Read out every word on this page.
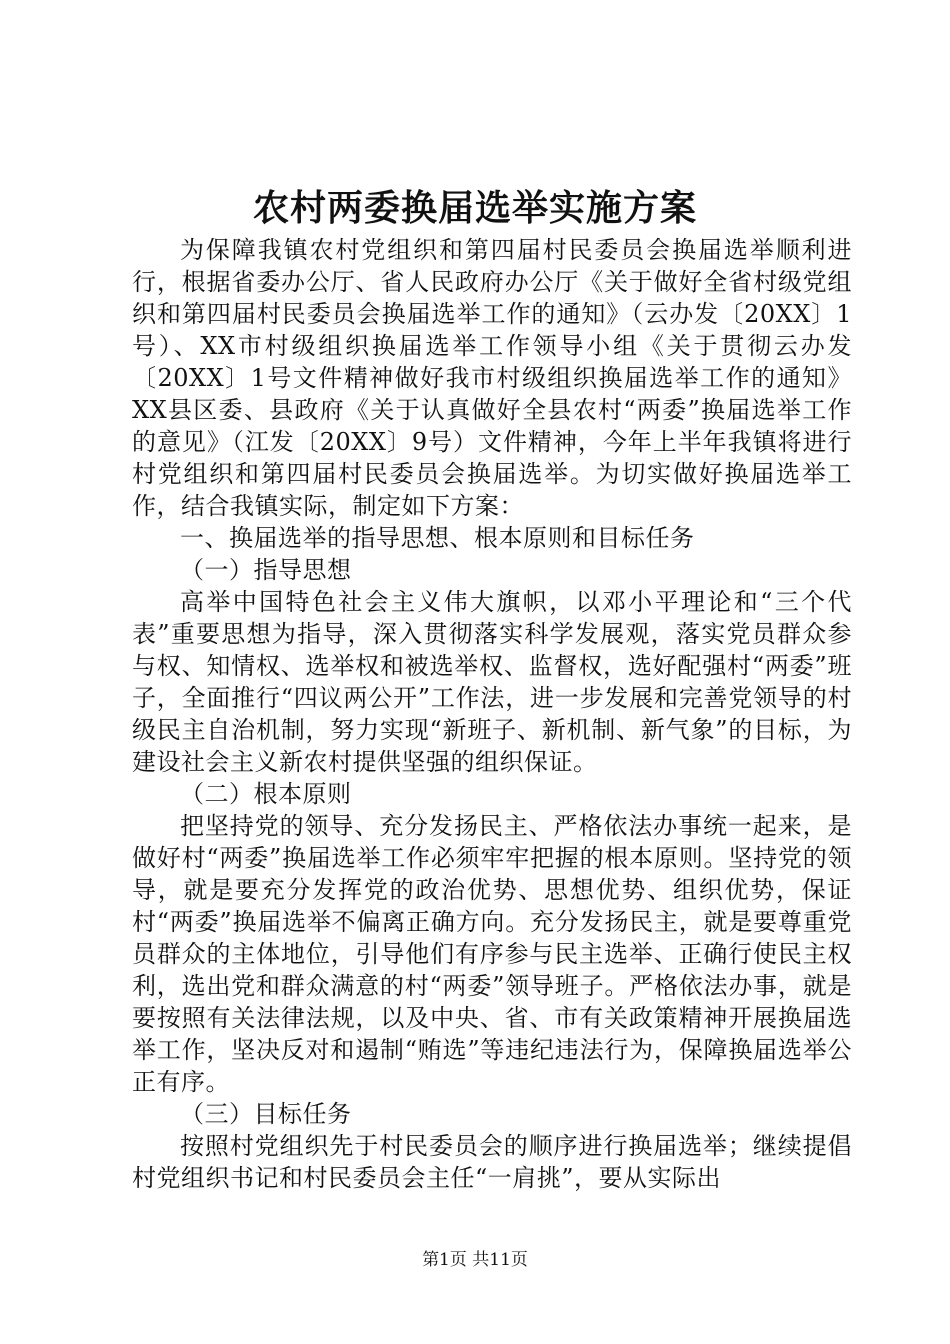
农村两委换届选举实施方案

为保障我镇农村党组织和第四届村民委员会换届选举顺利进行，根据省委办公厅、省人民政府办公厅《关于做好全省村级党组织和第四届村民委员会换届选举工作的通知》（云办发〔20XX〕1号）、XX市村级组织换届选举工作领导小组《关于贯彻云办发〔20XX〕1号文件精神做好我市村级组织换届选举工作的通知》XX县区委、县政府《关于认真做好全县农村“两委”换届选举工作的意见》（江发〔20XX〕9号）文件精神，今年上半年我镇将进行村党组织和第四届村民委员会换届选举。为切实做好换届选举工作，结合我镇实际，制定如下方案：

一、换届选举的指导思想、根本原则和目标任务

（一）指导思想

高举中国特色社会主义伟大旗帜，以邓小平理论和“三个代表”重要思想为指导，深入贯彻落实科学发展观，落实党员群众参与权、知情权、选举权和被选举权、监督权，选好配强村“两委”班子，全面推行“四议两公开”工作法，进一步发展和完善党领导的村级民主自治机制，努力实现“新班子、新机制、新气象”的目标，为建设社会主义新农村提供坚强的组织保证。

（二）根本原则

把坚持党的领导、充分发扬民主、严格依法办事统一起来，是做好村“两委”换届选举工作必须牢牢把握的根本原则。坚持党的领导，就是要充分发挥党的政治优势、思想优势、组织优势，保证村“两委”换届选举不偏离正确方向。充分发扬民主，就是要尊重党员群众的主体地位，引导他们有序参与民主选举、正确行使民主权利，选出党和群众满意的村“两委”领导班子。严格依法办事，就是要按照有关法律法规，以及中央、省、市有关政策精神开展换届选举工作，坚决反对和遏制“贿选”等违纪违法行为，保障换届选举公正有序。

（三）目标任务

按照村党组织先于村民委员会的顺序进行换届选举；继续提倡村党组织书记和村民委员会主任“一肩挑”，要从实际出

第1页 共11页
